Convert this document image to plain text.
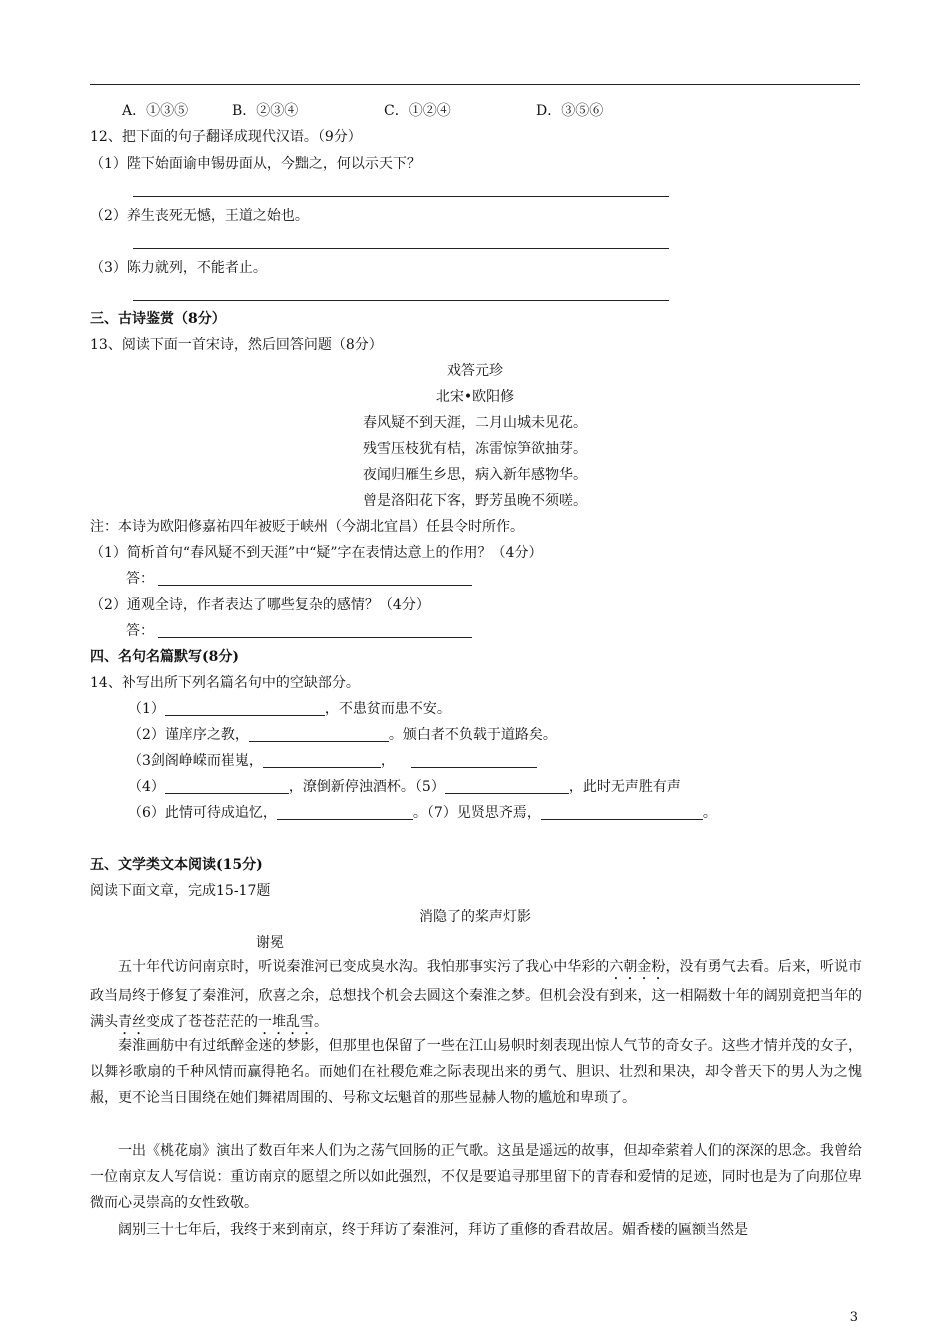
A．①③⑤	B．②③④	C．①②④	D．③⑤⑥
12、把下面的句子翻译成现代汉语。（9分）
（1）陛下始面谕申锡毋面从，今黜之，何以示天下？
（2）养生丧死无憾，王道之始也。
（3）陈力就列，不能者止。
三、古诗鉴赏（8分）
13、阅读下面一首宋诗，然后回答问题（8分）
戏答元珍
北宋•欧阳修
春风疑不到天涯，二月山城未见花。
残雪压枝犹有桔，冻雷惊笋欲抽芽。
夜闻归雁生乡思，病入新年感物华。
曾是洛阳花下客，野芳虽晚不须嗟。
注：本诗为欧阳修嘉祐四年被贬于峡州（今湖北宜昌）任县令时所作。
（1）简析首句“春风疑不到天涯”中“疑”字在表情达意上的作用？（4分）
答：
（2）通观全诗，作者表达了哪些复杂的感情？（4分）
答：
四、名句名篇默写(8分)
14、补写出所下列名篇名句中的空缺部分。
（1）	，不患贫而患不安。
（2）谨庠序之教，	。颁白者不负载于道路矣。
（3剑阁峥嵘而崔嵬，	，
（4）	，潦倒新停浊酒杯。（5）	，此时无声胜有声
（6）此情可待成追忆，	。（7）见贤思齐焉，	。
五、文学类文本阅读(15分)
阅读下面文章，完成15-17题
消隐了的桨声灯影
谢冕
五十年代访问南京时，听说秦淮河已变成臭水沟。我怕那事实污了我心中华彩的六朝金粉，没有勇气去看。后来，听说市政当局终于修复了秦淮河，欣喜之余，总想找个机会去圆这个秦淮之梦。但机会没有到来，这一相隔数十年的阔别竟把当年的满头青丝变成了苍苍茫茫的一堆乱雪。
秦淮画舫中有过纸醉金迷的梦影，但那里也保留了一些在江山易帜时刻表现出惊人气节的奇女子。这些才情并茂的女子，以舞衫歌扇的千种风情而赢得艳名。而她们在社稷危难之际表现出来的勇气、胆识、壮烈和果决，却令普天下的男人为之愧赧，更不论当日围绕在她们舞裙周围的、号称文坛魁首的那些显赫人物的尴尬和卑琐了。
一出《桃花扇》演出了数百年来人们为之荡气回肠的正气歌。这虽是遥远的故事，但却牵萦着人们的深深的思念。我曾给一位南京友人写信说：重访南京的愿望之所以如此强烈，不仅是要追寻那里留下的青春和爱情的足迹，同时也是为了向那位卑微而心灵崇高的女性致敬。
阔别三十七年后，我终于来到南京，终于拜访了秦淮河，拜访了重修的香君故居。媚香楼的匾额当然是
3
